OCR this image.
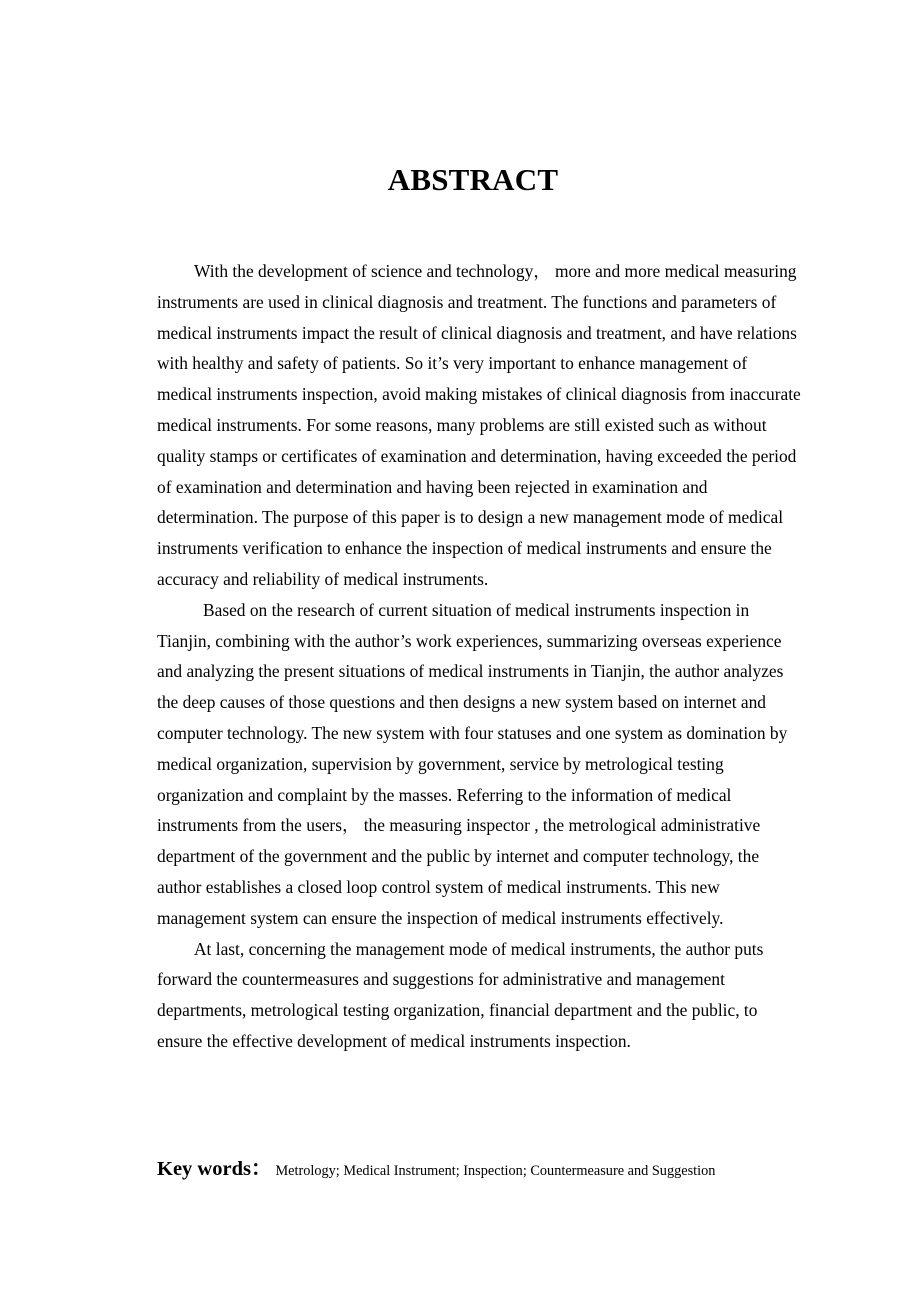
ABSTRACT

With the development of science and technology， more and more medical measuring instruments are used in clinical diagnosis and treatment. The functions and parameters of medical instruments impact the result of clinical diagnosis and treatment, and have relations with healthy and safety of patients. So it’s very important to enhance management of medical instruments inspection, avoid making mistakes of clinical diagnosis from inaccurate medical instruments. For some reasons, many problems are still existed such as without quality stamps or certificates of examination and determination, having exceeded the period of examination and determination and having been rejected in examination and determination. The purpose of this paper is to design a new management mode of medical instruments verification to enhance the inspection of medical instruments and ensure the accuracy and reliability of medical instruments.

Based on the research of current situation of medical instruments inspection in Tianjin, combining with the author’s work experiences, summarizing overseas experience and analyzing the present situations of medical instruments in Tianjin, the author analyzes the deep causes of those questions and then designs a new system based on internet and computer technology. The new system with four statuses and one system as domination by medical organization, supervision by government, service by metrological testing organization and complaint by the masses. Referring to the information of medical instruments from the users， the measuring inspector , the metrological administrative department of the government and the public by internet and computer technology, the author establishes a closed loop control system of medical instruments. This new management system can ensure the inspection of medical instruments effectively.

At last, concerning the management mode of medical instruments, the author puts forward the countermeasures and suggestions for administrative and management departments, metrological testing organization, financial department and the public, to ensure the effective development of medical instruments inspection.

Key words： Metrology; Medical Instrument; Inspection; Countermeasure and Suggestion
